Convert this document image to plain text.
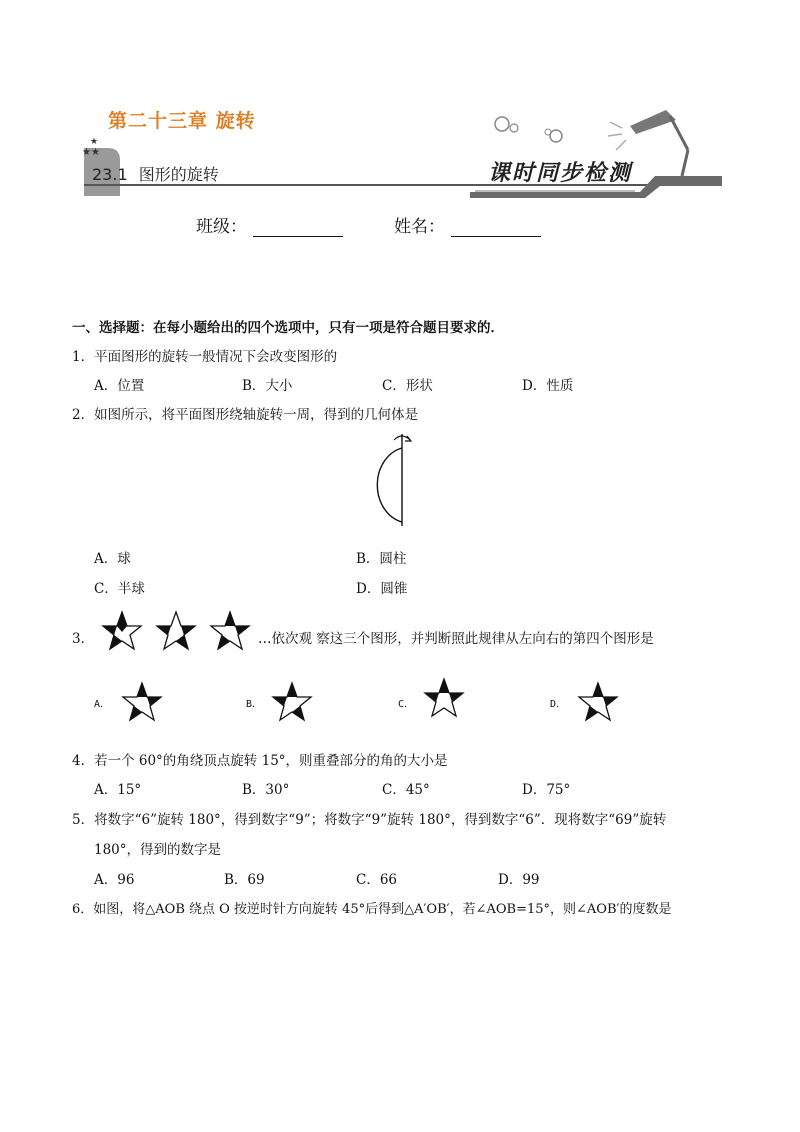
★★
★
第二十三章 旋转
23.1 图形的旋转	课时同步检测
班级：	姓名：
一、选择题：在每小题给出的四个选项中，只有一项是符合题目要求的．
1．平面图形的旋转一般情况下会改变图形的
A．位置	B．大小	C．形状	D．性质
2．如图所示，将平面图形绕轴旋转一周，得到的几何体是
A．球	B．圆柱
C．半球	D．圆锥
3．	…依次观 察这三个图形，并判断照此规律从左向右的第四个图形是
A．	B．	C．	D．
4．若一个 60°的角绕顶点旋转 15°，则重叠部分的角的大小是
A．15°	B．30°	C．45°	D．75°
5．将数字“6”旋转 180°，得到数字“9”；将数字“9”旋转 180°，得到数字“6”．现将数字“69”旋转
180°，得到的数字是
A．96	B．69	C．66	D．99
6．如图，将△AOB 绕点 O 按逆时针方向旋转 45°后得到△A′OB′，若∠AOB=15°，则∠AOB′的度数是
